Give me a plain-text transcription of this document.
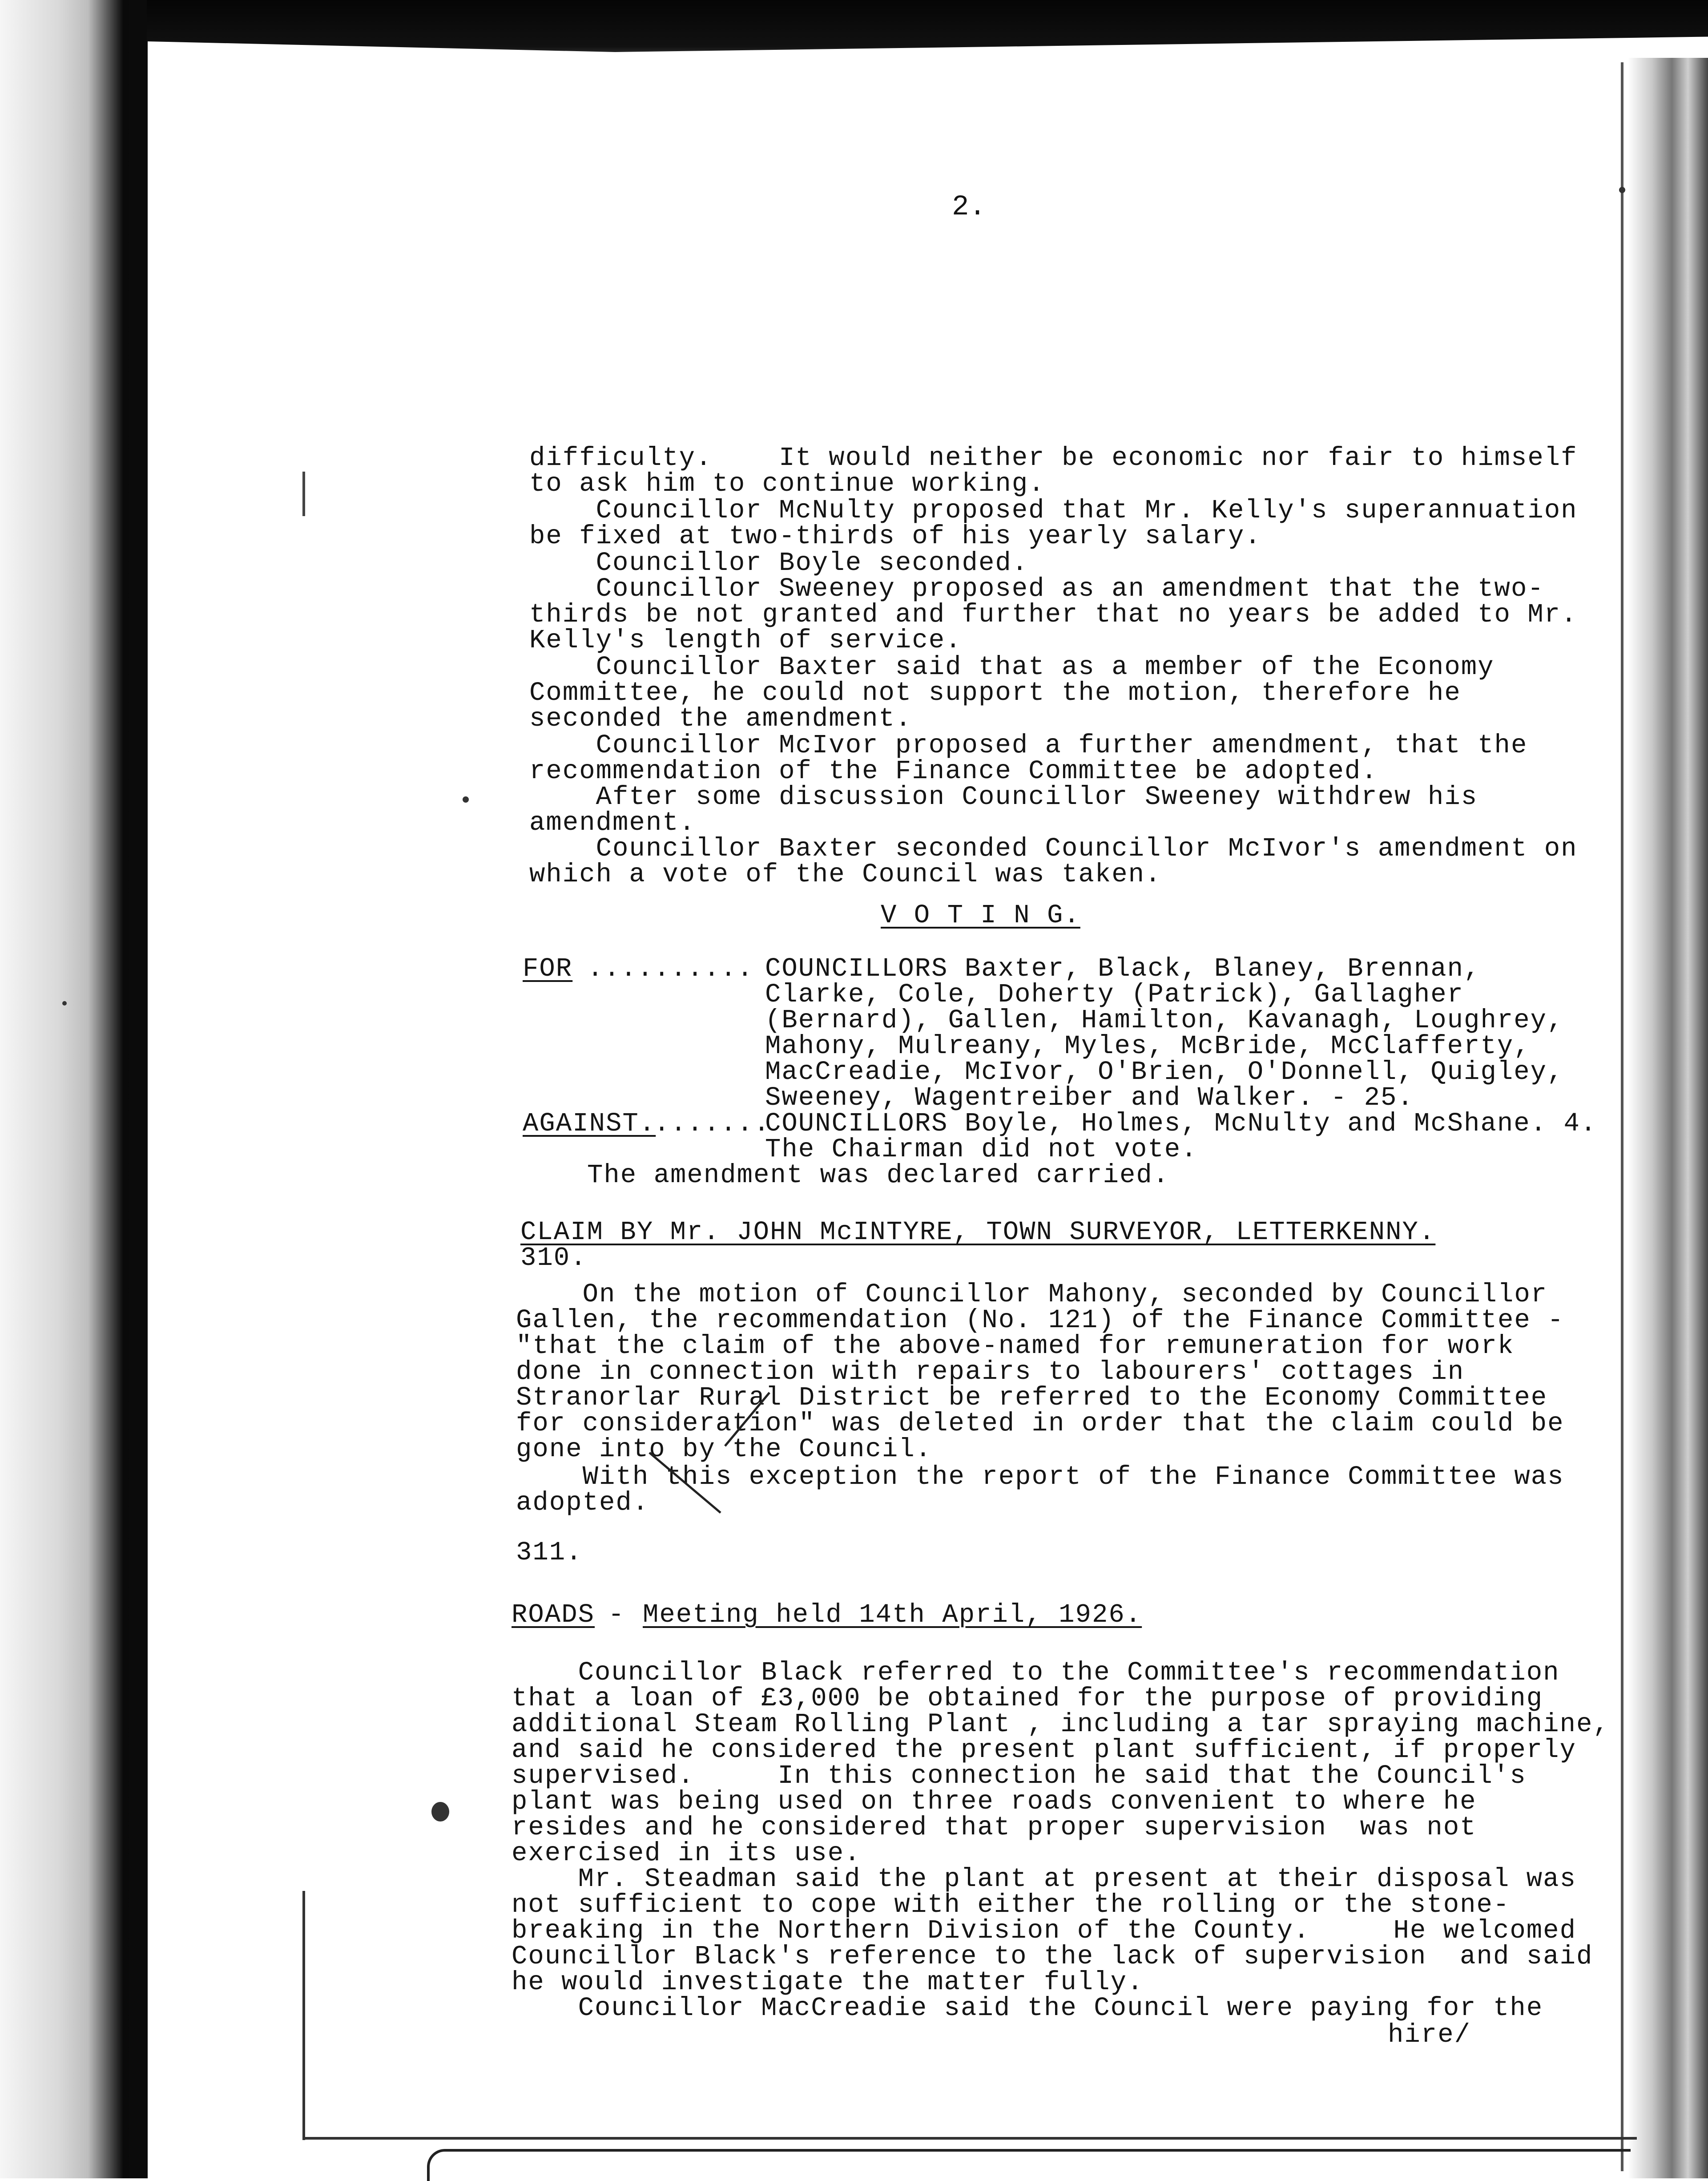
2.
difficulty.    It would neither be economic nor fair to himself
to ask him to continue working.
Councillor McNulty proposed that Mr. Kelly's superannuation
be fixed at two-thirds of his yearly salary.
Councillor Boyle seconded.
Councillor Sweeney proposed as an amendment that the two-
thirds be not granted and further that no years be added to Mr.
Kelly's length of service.
Councillor Baxter said that as a member of the Economy
Committee, he could not support the motion, therefore he
seconded the amendment.
Councillor McIvor proposed a further amendment, that the
recommendation of the Finance Committee be adopted.
After some discussion Councillor Sweeney withdrew his
amendment.
Councillor Baxter seconded Councillor McIvor's amendment on
which a vote of the Council was taken.
V O T I N G.
FOR
.......... COUNCILLORS Baxter, Black, Blaney, Brennan,
Clarke, Cole, Doherty (Patrick), Gallagher
(Bernard), Gallen, Hamilton, Kavanagh, Loughrey,
Mahony, Mulreany, Myles, McBride, McClafferty,
MacCreadie, McIvor, O'Brien, O'Donnell, Quigley,
Sweeney, Wagentreiber and Walker. - 25.
AGAINST.
.......
COUNCILLORS Boyle, Holmes, McNulty and McShane. 4.
The Chairman did not vote.
The amendment was declared carried.
CLAIM BY Mr. JOHN McINTYRE, TOWN SURVEYOR, LETTERKENNY.
310.
On the motion of Councillor Mahony, seconded by Councillor
Gallen, the recommendation (No. 121) of the Finance Committee -
"that the claim of the above-named for remuneration for work
done in connection with repairs to labourers' cottages in
Stranorlar Rural District be referred to the Economy Committee
for consideration" was deleted in order that the claim could be
gone into by the Council.
With this exception the report of the Finance Committee was
adopted.
311.
ROADS
- Meeting held 14th April, 1926.
Councillor Black referred to the Committee's recommendation
that a loan of £3,000 be obtained for the purpose of providing
additional Steam Rolling Plant , including a tar spraying machine,
and said he considered the present plant sufficient, if properly
supervised.     In this connection he said that the Council's
plant was being used on three roads convenient to where he
resides and he considered that proper supervision  was not
exercised in its use.
Mr. Steadman said the plant at present at their disposal was
not sufficient to cope with either the rolling or the stone-
breaking in the Northern Division of the County.     He welcomed
Councillor Black's reference to the lack of supervision  and said
he would investigate the matter fully.
Councillor MacCreadie said the Council were paying for the
hire/
